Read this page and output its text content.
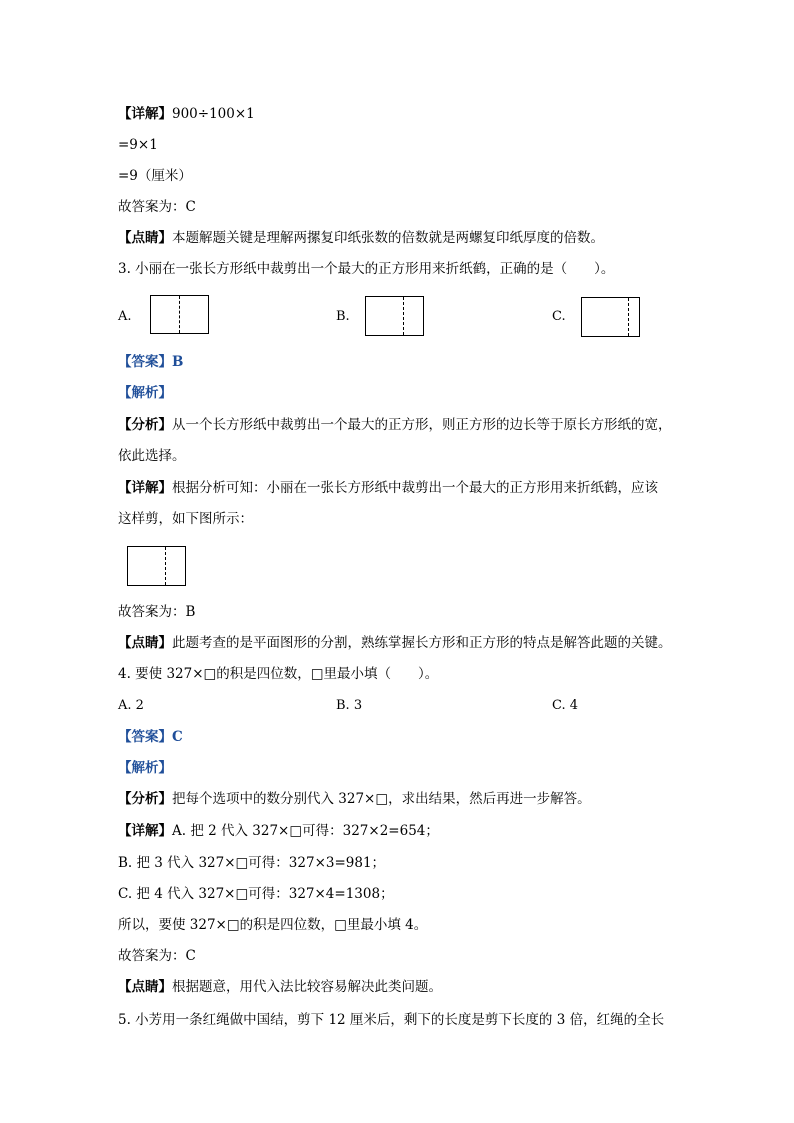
【详解】900÷100×1
=9×1
=9（厘米）
故答案为：C
【点睛】本题解题关键是理解两摞复印纸张数的倍数就是两螺复印纸厚度的倍数。
3. 小丽在一张长方形纸中裁剪出一个最大的正方形用来折纸鹤，正确的是（　　）。
A.	B.	C.
【答案】B
【解析】
【分析】从一个长方形纸中裁剪出一个最大的正方形，则正方形的边长等于原长方形纸的宽，
依此选择。
【详解】根据分析可知：小丽在一张长方形纸中裁剪出一个最大的正方形用来折纸鹤，应该
这样剪，如下图所示：
故答案为：B
【点睛】此题考查的是平面图形的分割，熟练掌握长方形和正方形的特点是解答此题的关键。
4. 要使 327×□的积是四位数，□里最小填（　　）。
A. 2	B. 3	C. 4
【答案】C
【解析】
【分析】把每个选项中的数分别代入 327×□，求出结果，然后再进一步解答。
【详解】A. 把 2 代入 327×□可得：327×2=654；
B. 把 3 代入 327×□可得：327×3=981；
C. 把 4 代入 327×□可得：327×4=1308；
所以，要使 327×□的积是四位数，□里最小填 4。
故答案为：C
【点睛】根据题意，用代入法比较容易解决此类问题。
5. 小芳用一条红绳做中国结，剪下 12 厘米后，剩下的长度是剪下长度的 3 倍，红绳的全长
